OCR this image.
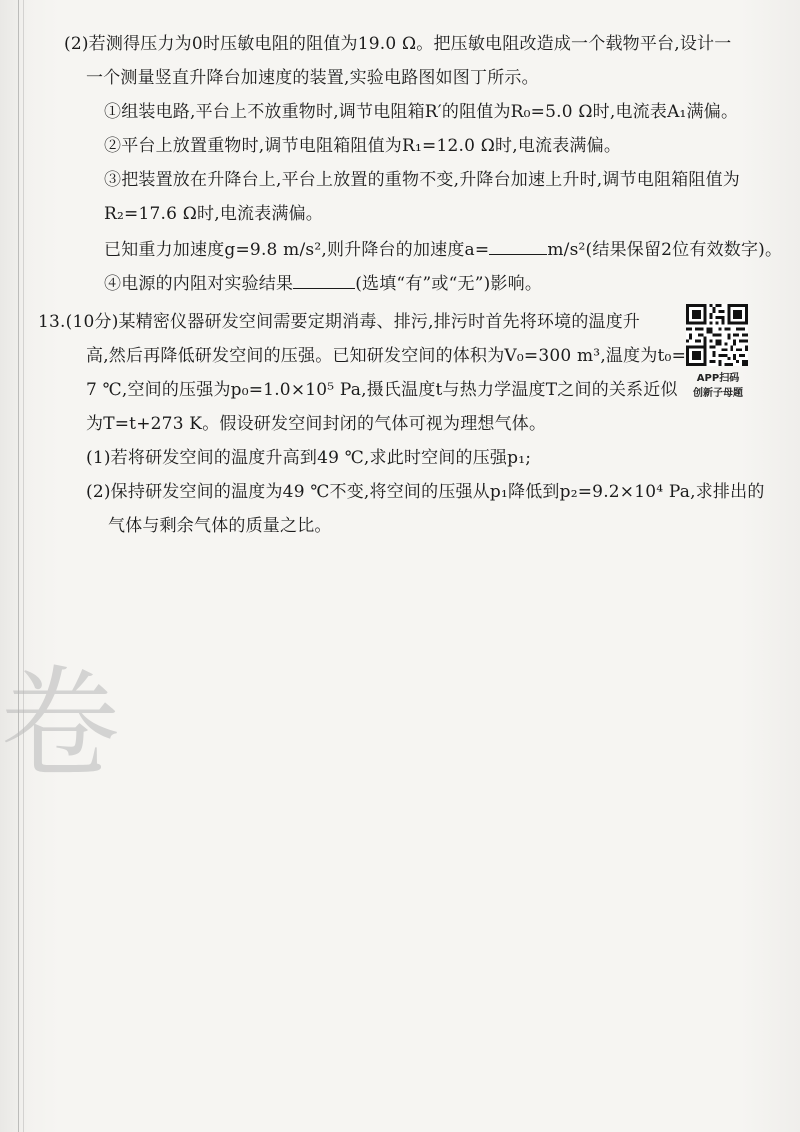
卷
(2)若测得压力为0时压敏电阻的阻值为19.0 Ω。把压敏电阻改造成一个载物平台,设计一
一个测量竖直升降台加速度的装置,实验电路图如图丁所示。
①组装电路,平台上不放重物时,调节电阻箱R′的阻值为R₀=5.0 Ω时,电流表A₁满偏。
②平台上放置重物时,调节电阻箱阻值为R₁=12.0 Ω时,电流表满偏。
③把装置放在升降台上,平台上放置的重物不变,升降台加速上升时,调节电阻箱阻值为
R₂=17.6 Ω时,电流表满偏。
已知重力加速度g=9.8 m/s²,则升降台的加速度a=	m/s²(结果保留2位有效数字)。
④电源的内阻对实验结果	(选填“有”或“无”)影响。
13.(10分)某精密仪器研发空间需要定期消毒、排污,排污时首先将环境的温度升
高,然后再降低研发空间的压强。已知研发空间的体积为V₀=300 m³,温度为t₀=
7 ℃,空间的压强为p₀=1.0×10⁵ Pa,摄氏温度t与热力学温度T之间的关系近似
为T=t+273 K。假设研发空间封闭的气体可视为理想气体。
(1)若将研发空间的温度升高到49 ℃,求此时空间的压强p₁;
(2)保持研发空间的温度为49 ℃不变,将空间的压强从p₁降低到p₂=9.2×10⁴ Pa,求排出的
气体与剩余气体的质量之比。
APP扫码
创新子母题
